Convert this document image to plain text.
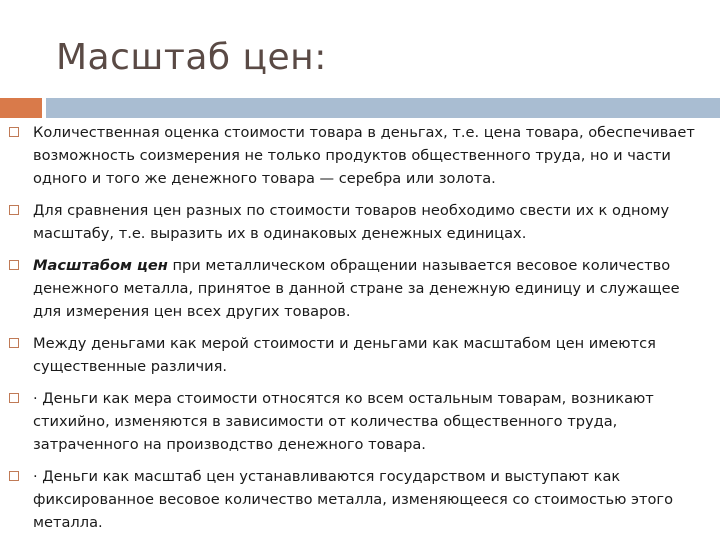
Масштаб цен:
Количественная оценка стоимости товара в деньгах, т.е. цена товара, обеспечивает возможность соизмерения не только продуктов общественного труда, но и части одного и того же денежного товара — серебра или золота.
Для сравнения цен разных по стоимости товаров необходимо свести их к одному масштабу, т.е. выразить их в одинаковых денежных единицах.
Масштабом цен при металлическом обращении называется весовое количество денежного металла, принятое в данной стране за денежную единицу и служащее для измерения цен всех других товаров.
Между деньгами как мерой стоимости и деньгами как масштабом цен имеются существенные различия.
· Деньги как мера стоимости относятся ко всем остальным товарам, возникают стихийно, изменяются в зависимости от количества общественного труда, затраченного на производство денежного товара.
· Деньги как масштаб цен устанавливаются государством и выступают как фиксированное весовое количество металла, изменяющееся со стоимостью этого металла.
